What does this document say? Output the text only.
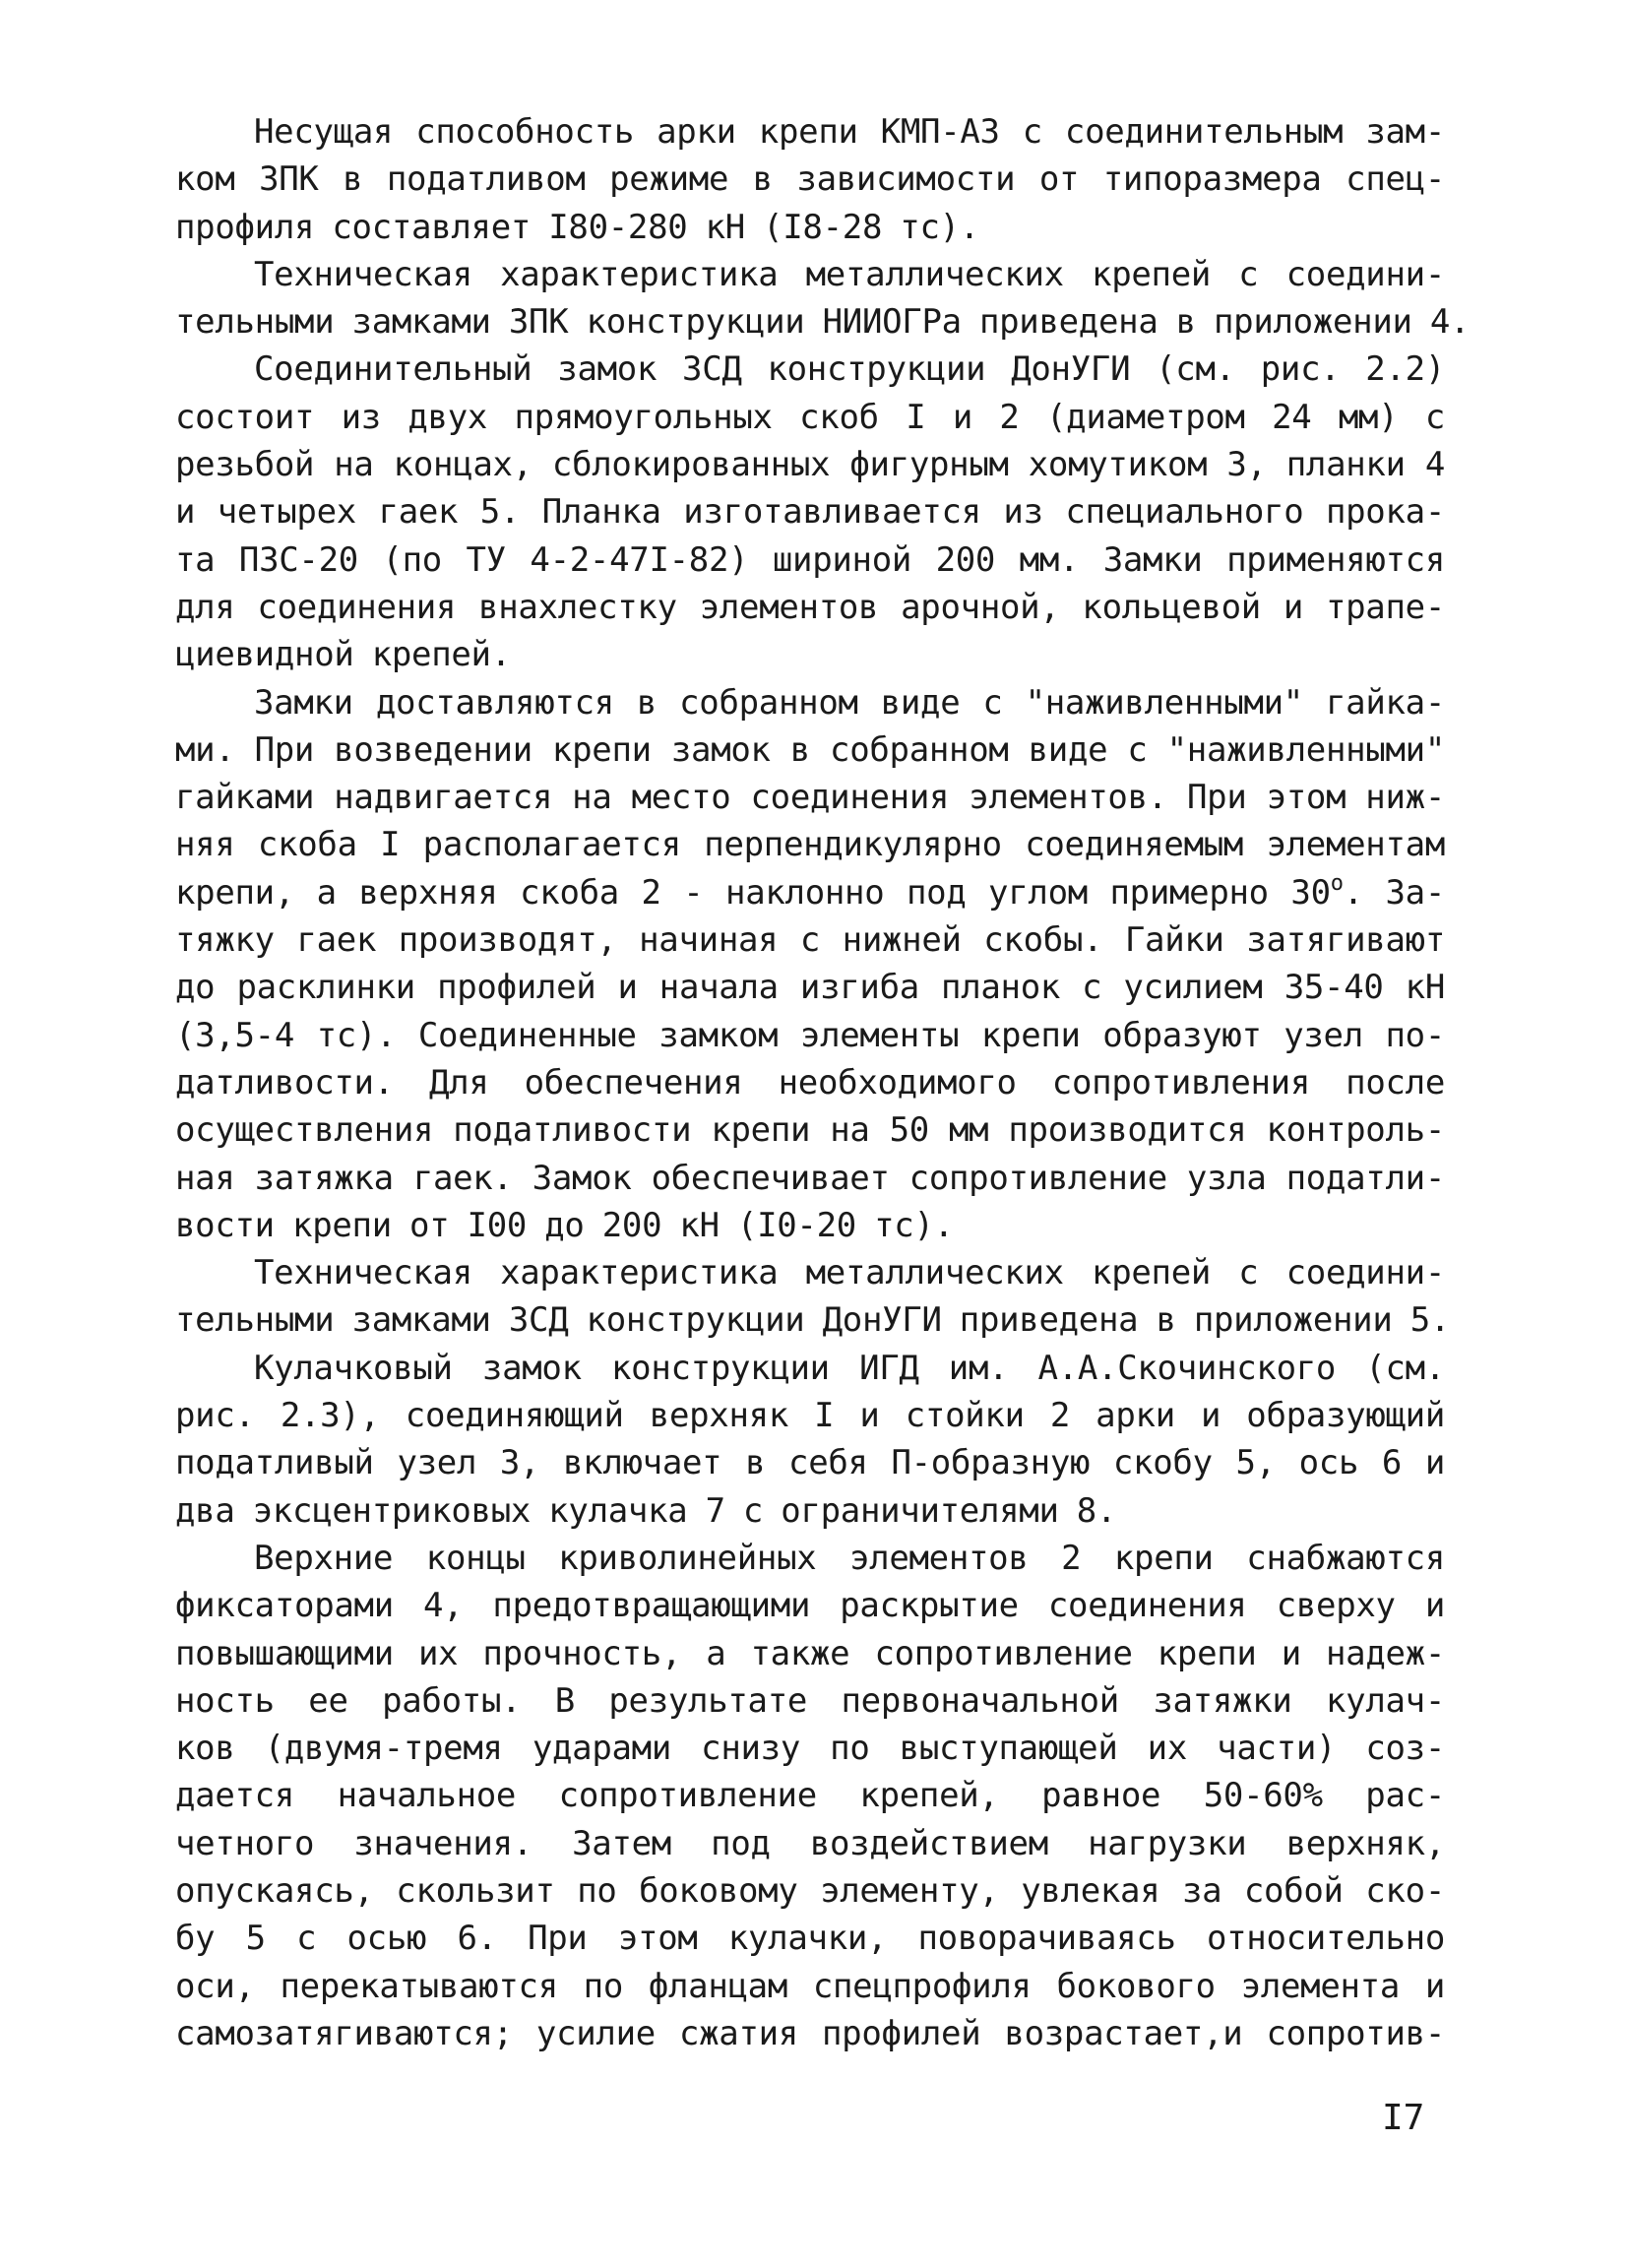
Несущая способность арки крепи КМП-АЗ с соединительным зам-
ком ЗПК в податливом режиме в зависимости от типоразмера спец-
профиля составляет I80-280 кН (I8-28 тс).
Техническая характеристика металлических крепей с соедини-
тельными замками ЗПК конструкции НИИОГРа приведена в приложении 4.
Соединительный замок ЗСД конструкции ДонУГИ (см. рис. 2.2)
состоит из двух прямоугольных скоб I и 2 (диаметром 24 мм) с
резьбой на концах, сблокированных фигурным хомутиком 3, планки 4
и четырех гаек 5. Планка изготавливается из специального прока-
та ПЗС-20 (по ТУ 4-2-47I-82) шириной 200 мм. Замки применяются
для соединения внахлестку элементов арочной, кольцевой и трапе-
циевидной крепей.
Замки доставляются в собранном виде с "наживленными" гайка-
ми. При возведении крепи замок в собранном виде с "наживленными"
гайками надвигается на место соединения элементов. При этом ниж-
няя скоба I располагается перпендикулярно соединяемым элементам
крепи, а верхняя скоба 2 - наклонно под углом примерно 30$^o$. За-
тяжку гаек производят, начиная с нижней скобы. Гайки затягивают
до расклинки профилей и начала изгиба планок с усилием 35-40 кН
(3,5-4 тс). Соединенные замком элементы крепи образуют узел по-
датливости. Для обеспечения необходимого сопротивления после
осуществления податливости крепи на 50 мм производится контроль-
ная затяжка гаек. Замок обеспечивает сопротивление узла податли-
вости крепи от I00 до 200 кН (I0-20 тс).
Техническая характеристика металлических крепей с соедини-
тельными замками ЗСД конструкции ДонУГИ приведена в приложении 5.
Кулачковый замок конструкции ИГД им. А.А.Скочинского (см.
рис. 2.3), соединяющий верхняк I и стойки 2 арки и образующий
податливый узел 3, включает в себя П-образную скобу 5, ось 6 и
два эксцентриковых кулачка 7 с ограничителями 8.
Верхние концы криволинейных элементов 2 крепи снабжаются
фиксаторами 4, предотвращающими раскрытие соединения сверху и
повышающими их прочность, а также сопротивление крепи и надеж-
ность ее работы. В результате первоначальной затяжки кулач-
ков (двумя-тремя ударами снизу по выступающей их части) соз-
дается начальное сопротивление крепей, равное 50-60% рас-
четного значения. Затем под воздействием нагрузки верхняк,
опускаясь, скользит по боковому элементу, увлекая за собой ско-
бу 5 с осью 6. При этом кулачки, поворачиваясь относительно
оси, перекатываются по фланцам спецпрофиля бокового элемента и
самозатягиваются; усилие сжатия профилей возрастает,и сопротив-
I7
